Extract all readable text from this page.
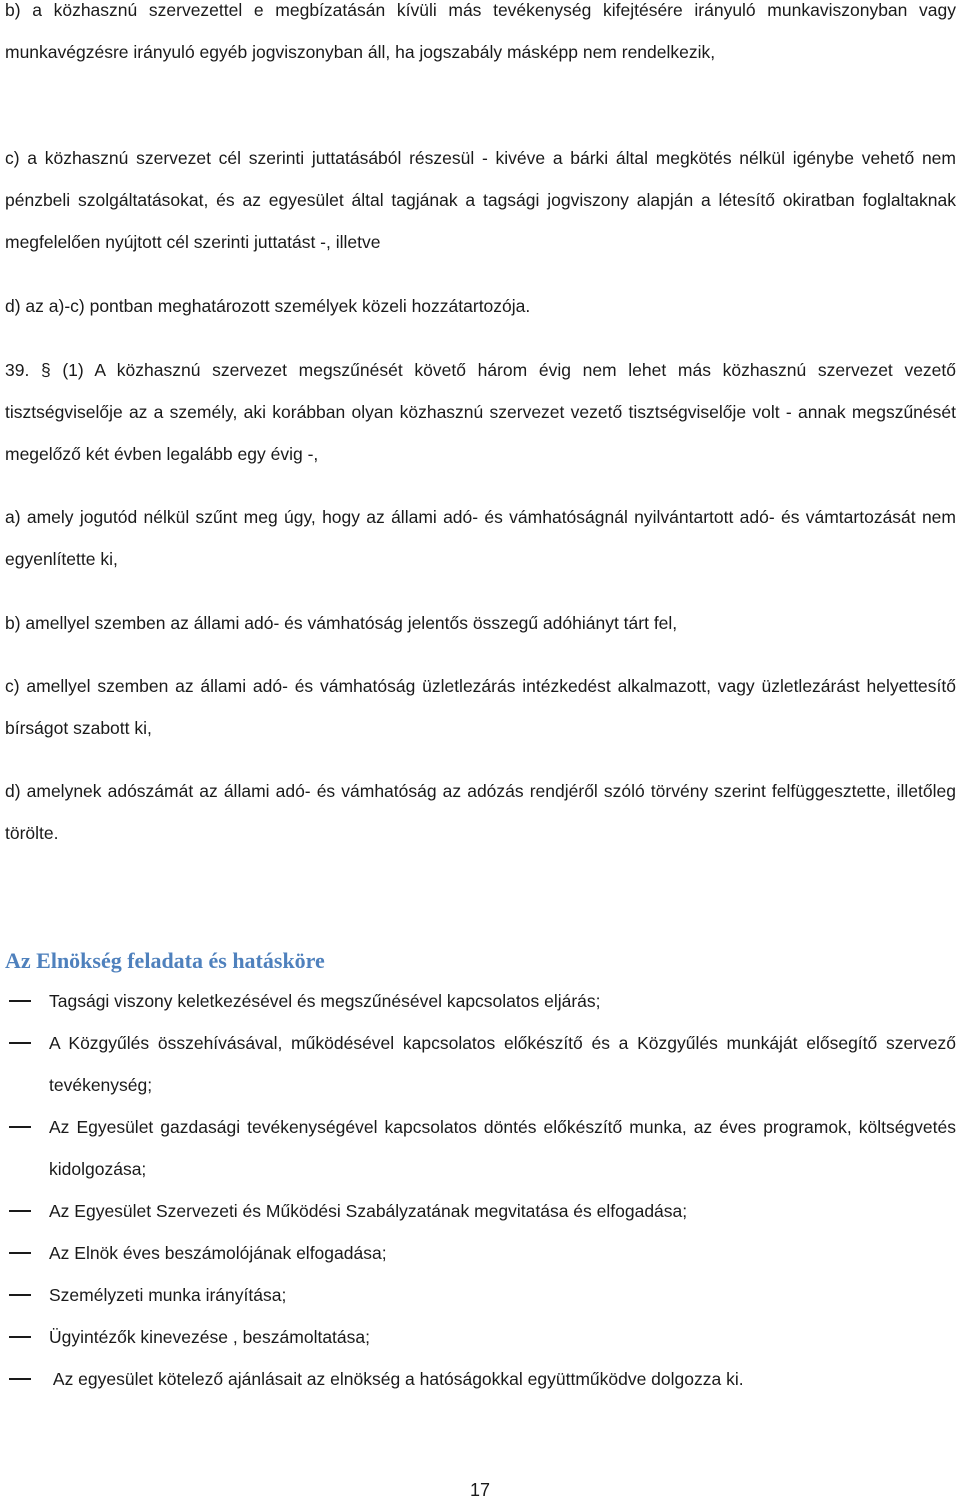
b) a közhasznú szervezettel e megbízatásán kívüli más tevékenység kifejtésére irányuló munkaviszonyban vagy munkavégzésre irányuló egyéb jogviszonyban áll, ha jogszabály másképp nem rendelkezik,

c) a közhasznú szervezet cél szerinti juttatásából részesül - kivéve a bárki által megkötés nélkül igénybe vehető nem pénzbeli szolgáltatásokat, és az egyesület által tagjának a tagsági jogviszony alapján a létesítő okiratban foglaltaknak megfelelően nyújtott cél szerinti juttatást -, illetve

d) az a)-c) pontban meghatározott személyek közeli hozzátartozója.

39. § (1) A közhasznú szervezet megszűnését követő három évig nem lehet más közhasznú szervezet vezető tisztségviselője az a személy, aki korábban olyan közhasznú szervezet vezető tisztségviselője volt - annak megszűnését megelőző két évben legalább egy évig -,

a) amely jogutód nélkül szűnt meg úgy, hogy az állami adó- és vámhatóságnál nyilvántartott adó- és vámtartozását nem egyenlítette ki,

b) amellyel szemben az állami adó- és vámhatóság jelentős összegű adóhiányt tárt fel,

c) amellyel szemben az állami adó- és vámhatóság üzletlezárás intézkedést alkalmazott, vagy üzletlezárást helyettesítő bírságot szabott ki,

d) amelynek adószámát az állami adó- és vámhatóság az adózás rendjéről szóló törvény szerint felfüggesztette, illetőleg törölte.

Az Elnökség feladata és hatásköre
Tagsági viszony keletkezésével és megszűnésével kapcsolatos eljárás;
A Közgyűlés összehívásával, működésével kapcsolatos előkészítő és a Közgyűlés munkáját elősegítő szervező tevékenység;
Az Egyesület gazdasági tevékenységével kapcsolatos döntés előkészítő munka, az éves programok, költségvetés kidolgozása;
Az Egyesület Szervezeti és Működési Szabályzatának megvitatása és elfogadása;
Az Elnök éves beszámolójának elfogadása;
Személyzeti munka irányítása;
Ügyintézők kinevezése , beszámoltatása;
Az egyesület kötelező ajánlásait az elnökség a hatóságokkal együttműködve dolgozza ki.
17
